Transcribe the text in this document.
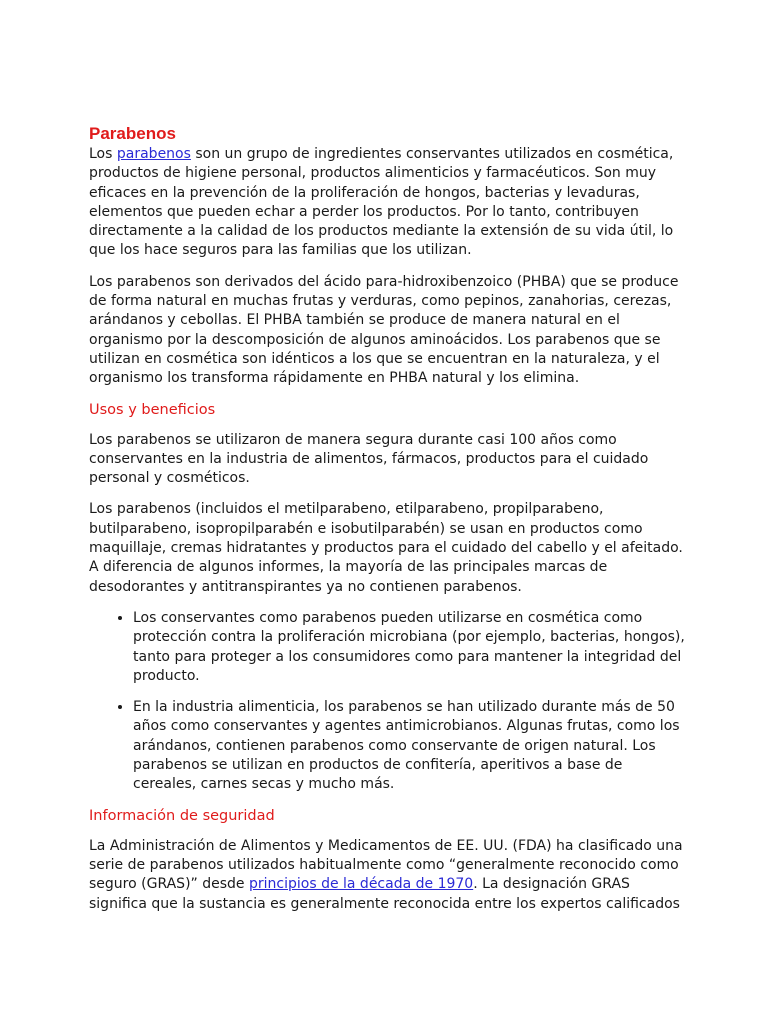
Parabenos

Los parabenos son un grupo de ingredientes conservantes utilizados en cosmética, productos de higiene personal, productos alimenticios y farmacéuticos. Son muy eficaces en la prevención de la proliferación de hongos, bacterias y levaduras, elementos que pueden echar a perder los productos. Por lo tanto, contribuyen directamente a la calidad de los productos mediante la extensión de su vida útil, lo que los hace seguros para las familias que los utilizan.

Los parabenos son derivados del ácido para-hidroxibenzoico (PHBA) que se produce de forma natural en muchas frutas y verduras, como pepinos, zanahorias, cerezas, arándanos y cebollas. El PHBA también se produce de manera natural en el organismo por la descomposición de algunos aminoácidos. Los parabenos que se utilizan en cosmética son idénticos a los que se encuentran en la naturaleza, y el organismo los transforma rápidamente en PHBA natural y los elimina.

Usos y beneficios

Los parabenos se utilizaron de manera segura durante casi 100 años como conservantes en la industria de alimentos, fármacos, productos para el cuidado personal y cosméticos.

Los parabenos (incluidos el metilparabeno, etilparabeno, propilparabeno, butilparabeno, isopropilparabén e isobutilparabén) se usan en productos como maquillaje, cremas hidratantes y productos para el cuidado del cabello y el afeitado. A diferencia de algunos informes, la mayoría de las principales marcas de desodorantes y antitranspirantes ya no contienen parabenos.

• Los conservantes como parabenos pueden utilizarse en cosmética como protección contra la proliferación microbiana (por ejemplo, bacterias, hongos), tanto para proteger a los consumidores como para mantener la integridad del producto.
• En la industria alimenticia, los parabenos se han utilizado durante más de 50 años como conservantes y agentes antimicrobianos. Algunas frutas, como los arándanos, contienen parabenos como conservante de origen natural. Los parabenos se utilizan en productos de confitería, aperitivos a base de cereales, carnes secas y mucho más.
Información de seguridad

La Administración de Alimentos y Medicamentos de EE. UU. (FDA) ha clasificado una serie de parabenos utilizados habitualmente como “generalmente reconocido como seguro (GRAS)” desde principios de la década de 1970. La designación GRAS significa que la sustancia es generalmente reconocida entre los expertos calificados
